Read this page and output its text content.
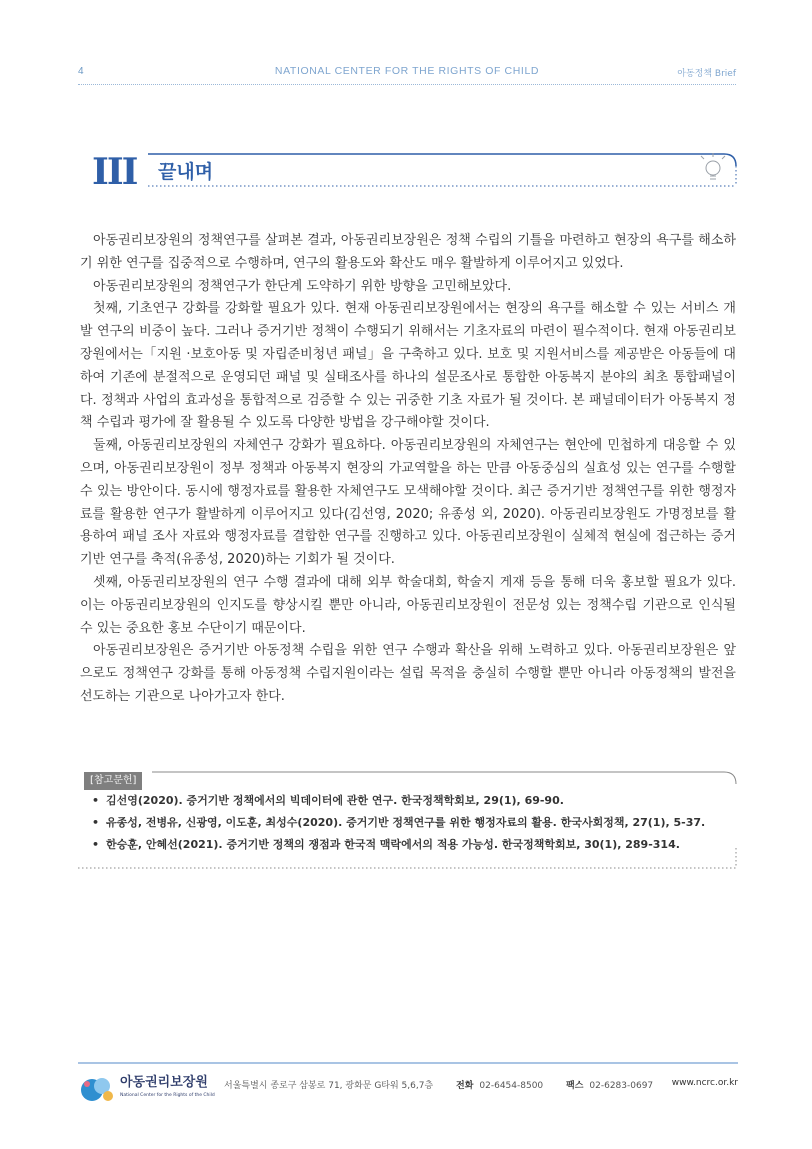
4	NATIONAL CENTER FOR THE RIGHTS OF CHILD	아동정책 Brief
III 끝내며

아동권리보장원의 정책연구를 살펴본 결과, 아동권리보장원은 정책 수립의 기틀을 마련하고 현장의 욕구를 해소하기 위한 연구를 집중적으로 수행하며, 연구의 활용도와 확산도 매우 활발하게 이루어지고 있었다.

아동권리보장원의 정책연구가 한단계 도약하기 위한 방향을 고민해보았다.

첫째, 기초연구 강화를 강화할 필요가 있다. 현재 아동권리보장원에서는 현장의 욕구를 해소할 수 있는 서비스 개발 연구의 비중이 높다. 그러나 증거기반 정책이 수행되기 위해서는 기초자료의 마련이 필수적이다. 현재 아동권리보장원에서는「지원 ·보호아동 및 자립준비청년 패널」을 구축하고 있다. 보호 및 지원서비스를 제공받은 아동들에 대하여 기존에 분절적으로 운영되던 패널 및 실태조사를 하나의 설문조사로 통합한 아동복지 분야의 최초 통합패널이다. 정책과 사업의 효과성을 통합적으로 검증할 수 있는 귀중한 기초 자료가 될 것이다. 본 패널데이터가 아동복지 정책 수립과 평가에 잘 활용될 수 있도록 다양한 방법을 강구해야할 것이다.

둘째, 아동권리보장원의 자체연구 강화가 필요하다. 아동권리보장원의 자체연구는 현안에 민첩하게 대응할 수 있으며, 아동권리보장원이 정부 정책과 아동복지 현장의 가교역할을 하는 만큼 아동중심의 실효성 있는 연구를 수행할 수 있는 방안이다. 동시에 행정자료를 활용한 자체연구도 모색해야할 것이다. 최근 증거기반 정책연구를 위한 행정자료를 활용한 연구가 활발하게 이루어지고 있다(김선영, 2020; 유종성 외, 2020). 아동권리보장원도 가명정보를 활용하여 패널 조사 자료와 행정자료를 결합한 연구를 진행하고 있다. 아동권리보장원이 실체적 현실에 접근하는 증거기반 연구를 축적(유종성, 2020)하는 기회가 될 것이다.

셋째, 아동권리보장원의 연구 수행 결과에 대해 외부 학술대회, 학술지 게재 등을 통해 더욱 홍보할 필요가 있다. 이는 아동권리보장원의 인지도를 향상시킬 뿐만 아니라, 아동권리보장원이 전문성 있는 정책수립 기관으로 인식될 수 있는 중요한 홍보 수단이기 때문이다.

아동권리보장원은 증거기반 아동정책 수립을 위한 연구 수행과 확산을 위해 노력하고 있다. 아동권리보장원은 앞으로도 정책연구 강화를 통해 아동정책 수립지원이라는 설립 목적을 충실히 수행할 뿐만 아니라 아동정책의 발전을 선도하는 기관으로 나아가고자 한다.

[참고문헌]
• 김선영(2020). 증거기반 정책에서의 빅데이터에 관한 연구. 한국정책학회보, 29(1), 69-90.
• 유종성, 전병유, 신광영, 이도훈, 최성수(2020). 증거기반 정책연구를 위한 행정자료의 활용. 한국사회정책, 27(1), 5-37.
• 한승훈, 안혜선(2021). 증거기반 정책의 쟁점과 한국적 맥락에서의 적용 가능성. 한국정책학회보, 30(1), 289-314.
아동권리보장원
National Center for the Rights of the Child
서울특별시 종로구 삼봉로 71, 광화문 G타워 5,6,7층	전화 02-6454-8500	팩스 02-6283-0697 www.ncrc.or.kr
